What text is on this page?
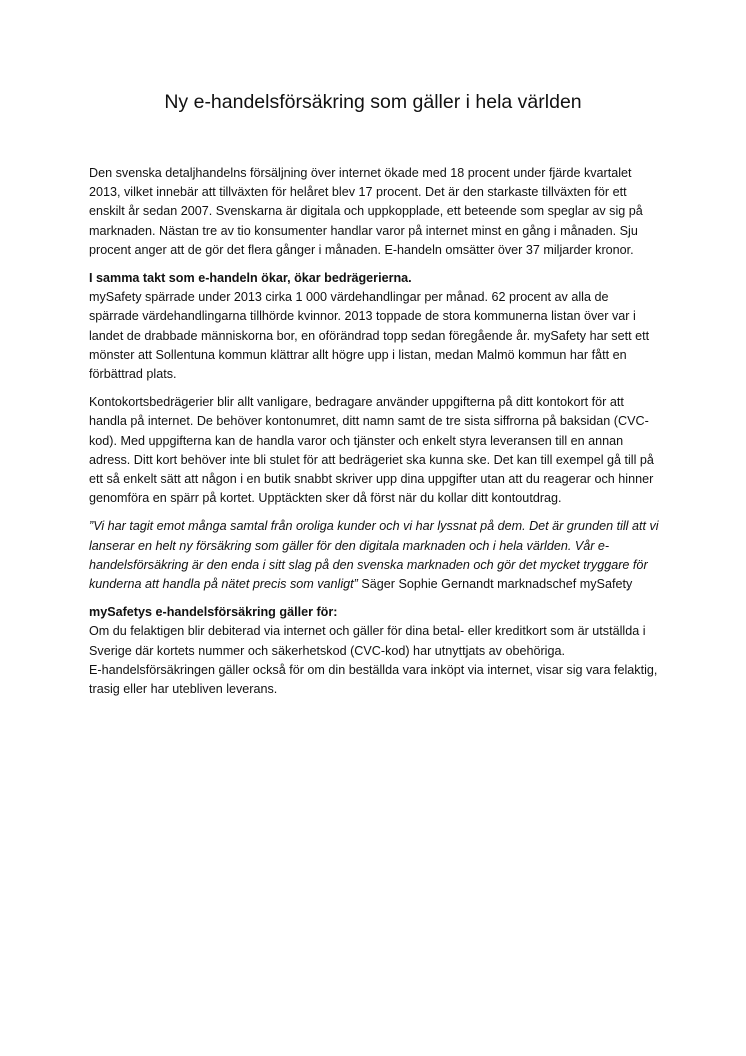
Ny e-handelsförsäkring som gäller i hela världen

Den svenska detaljhandelns försäljning över internet ökade med 18 procent under fjärde kvartalet 2013, vilket innebär att tillväxten för helåret blev 17 procent. Det är den starkaste tillväxten för ett enskilt år sedan 2007. Svenskarna är digitala och uppkopplade, ett beteende som speglar av sig på marknaden. Nästan tre av tio konsumenter handlar varor på internet minst en gång i månaden. Sju procent anger att de gör det flera gånger i månaden. E-handeln omsätter över 37 miljarder kronor.

I samma takt som e-handeln ökar, ökar bedrägerierna.
mySafety spärrade under 2013 cirka 1 000 värdehandlingar per månad. 62 procent av alla de spärrade värdehandlingarna tillhörde kvinnor. 2013 toppade de stora kommunerna listan över var i landet de drabbade människorna bor, en oförändrad topp sedan föregående år. mySafety har sett ett mönster att Sollentuna kommun klättrar allt högre upp i listan, medan Malmö kommun har fått en förbättrad plats.

Kontokortsbedrägerier blir allt vanligare, bedragare använder uppgifterna på ditt kontokort för att handla på internet. De behöver kontonumret, ditt namn samt de tre sista siffrorna på baksidan (CVC-kod). Med uppgifterna kan de handla varor och tjänster och enkelt styra leveransen till en annan adress. Ditt kort behöver inte bli stulet för att bedrägeriet ska kunna ske. Det kan till exempel gå till på ett så enkelt sätt att någon i en butik snabbt skriver upp dina uppgifter utan att du reagerar och hinner genomföra en spärr på kortet. Upptäckten sker då först när du kollar ditt kontoutdrag.

”Vi har tagit emot många samtal från oroliga kunder och vi har lyssnat på dem. Det är grunden till att vi lanserar en helt ny försäkring som gäller för den digitala marknaden och i hela världen. Vår e-handelsförsäkring är den enda i sitt slag på den svenska marknaden och gör det mycket tryggare för kunderna att handla på nätet precis som vanligt” Säger Sophie Gernandt marknadschef mySafety

mySafetys e-handelsförsäkring gäller för:
Om du felaktigen blir debiterad via internet och gäller för dina betal- eller kreditkort som är utställda i Sverige där kortets nummer och säkerhetskod (CVC-kod) har utnyttjats av obehöriga.
E-handelsförsäkringen gäller också för om din beställda vara inköpt via internet, visar sig vara felaktig, trasig eller har utebliven leverans.
